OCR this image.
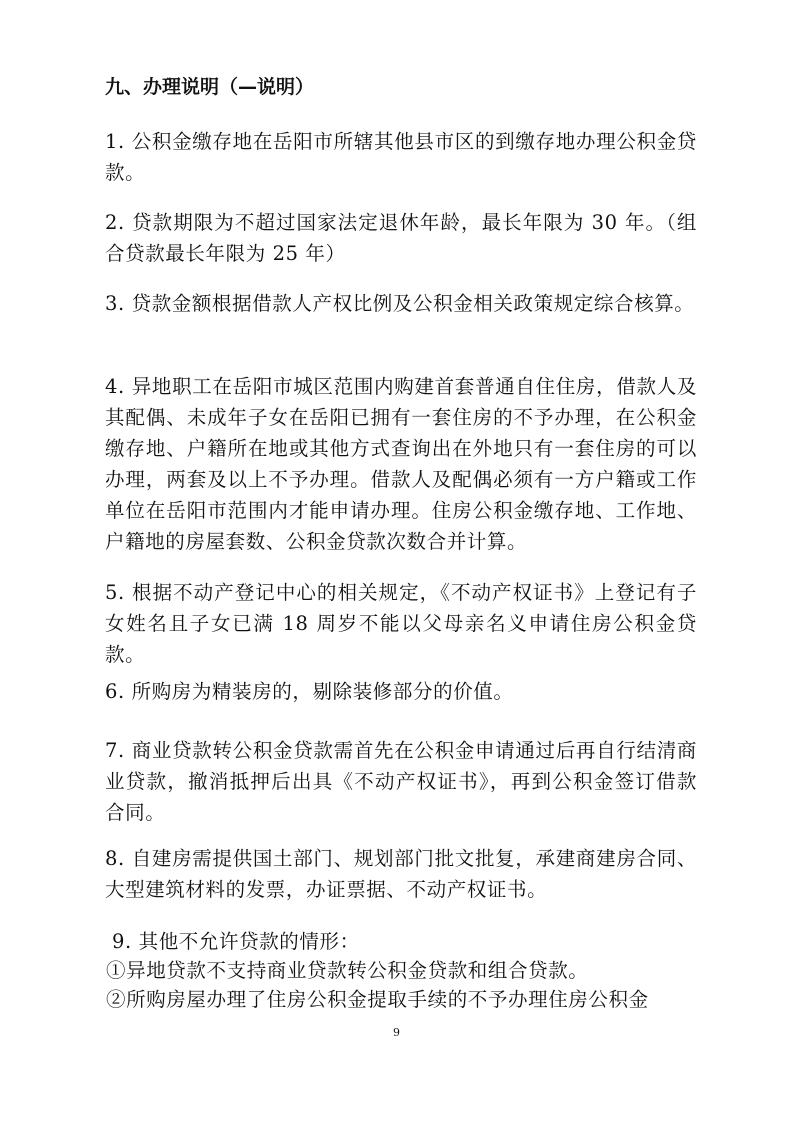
九、办理说明（—说明）

1. 公积金缴存地在岳阳市所辖其他县市区的到缴存地办理公积金贷款。

2. 贷款期限为不超过国家法定退休年龄，最长年限为 30 年。（组合贷款最长年限为 25 年）

3. 贷款金额根据借款人产权比例及公积金相关政策规定综合核算。

4. 异地职工在岳阳市城区范围内购建首套普通自住住房，借款人及其配偶、未成年子女在岳阳已拥有一套住房的不予办理，在公积金缴存地、户籍所在地或其他方式查询出在外地只有一套住房的可以办理，两套及以上不予办理。借款人及配偶必须有一方户籍或工作单位在岳阳市范围内才能申请办理。住房公积金缴存地、工作地、户籍地的房屋套数、公积金贷款次数合并计算。

5. 根据不动产登记中心的相关规定，《不动产权证书》上登记有子女姓名且子女已满 18 周岁不能以父母亲名义申请住房公积金贷款。

6. 所购房为精装房的，剔除装修部分的价值。

7. 商业贷款转公积金贷款需首先在公积金申请通过后再自行结清商业贷款，撤消抵押后出具《不动产权证书》，再到公积金签订借款合同。

8. 自建房需提供国土部门、规划部门批文批复，承建商建房合同、大型建筑材料的发票，办证票据、不动产权证书。

9. 其他不允许贷款的情形：
①异地贷款不支持商业贷款转公积金贷款和组合贷款。
②所购房屋办理了住房公积金提取手续的不予办理住房公积金

9
